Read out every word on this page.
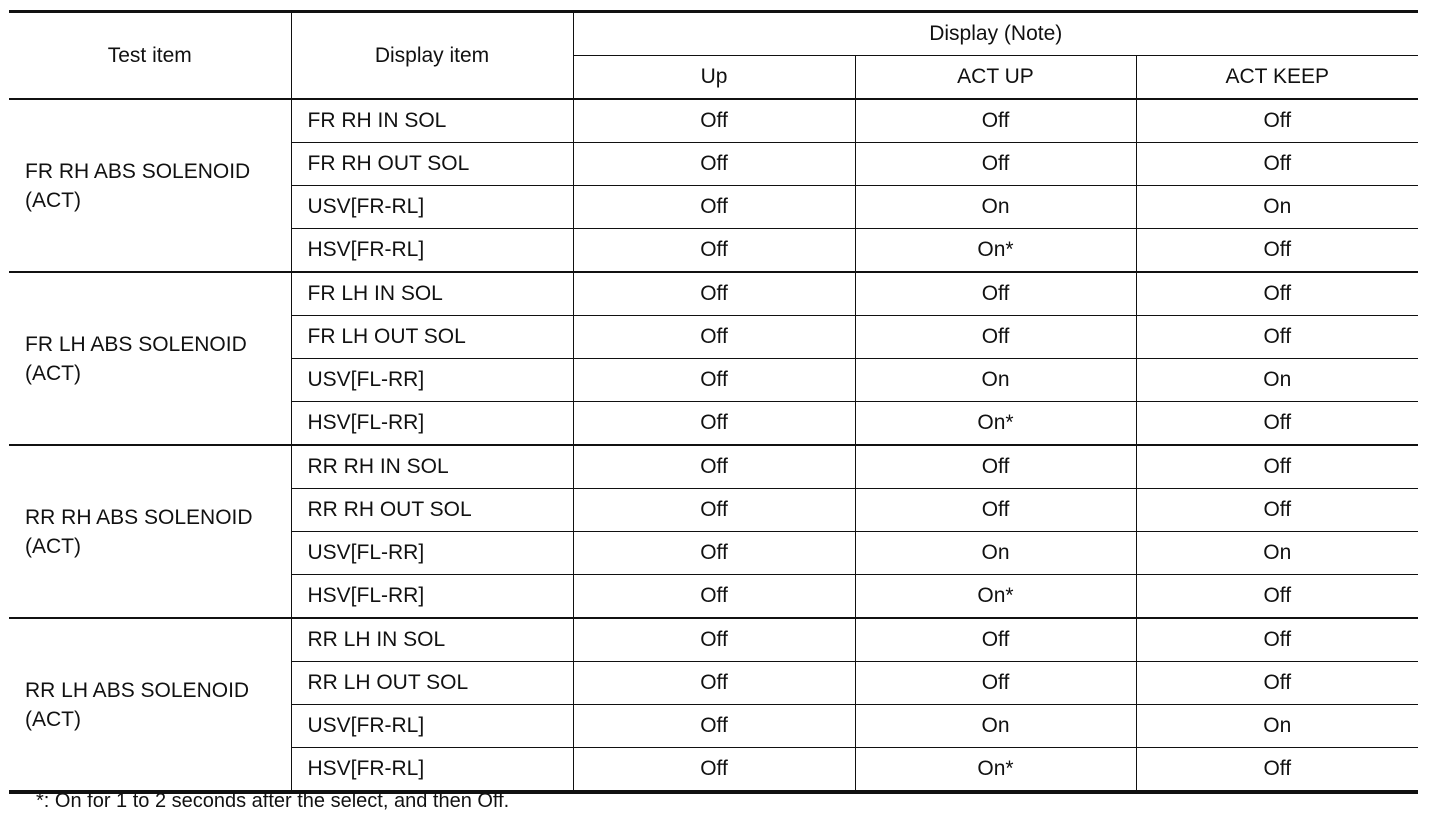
Test item	Display item	Display (Note)		
		Up	ACT UP	ACT KEEP
FR RH ABS SOLENOID
(ACT)	FR RH IN SOL	Off	Off	Off
	FR RH OUT SOL	Off	Off	Off
	USV[FR-RL]	Off	On	On
	HSV[FR-RL]	Off	On*	Off
FR LH ABS SOLENOID
(ACT)	FR LH IN SOL	Off	Off	Off
	FR LH OUT SOL	Off	Off	Off
	USV[FL-RR]	Off	On	On
	HSV[FL-RR]	Off	On*	Off
RR RH ABS SOLENOID
(ACT)	RR RH IN SOL	Off	Off	Off
	RR RH OUT SOL	Off	Off	Off
	USV[FL-RR]	Off	On	On
	HSV[FL-RR]	Off	On*	Off
RR LH ABS SOLENOID
(ACT)	RR LH IN SOL	Off	Off	Off
	RR LH OUT SOL	Off	Off	Off
	USV[FR-RL]	Off	On	On
	HSV[FR-RL]	Off	On*	Off
*: On for 1 to 2 seconds after the select, and then Off.
